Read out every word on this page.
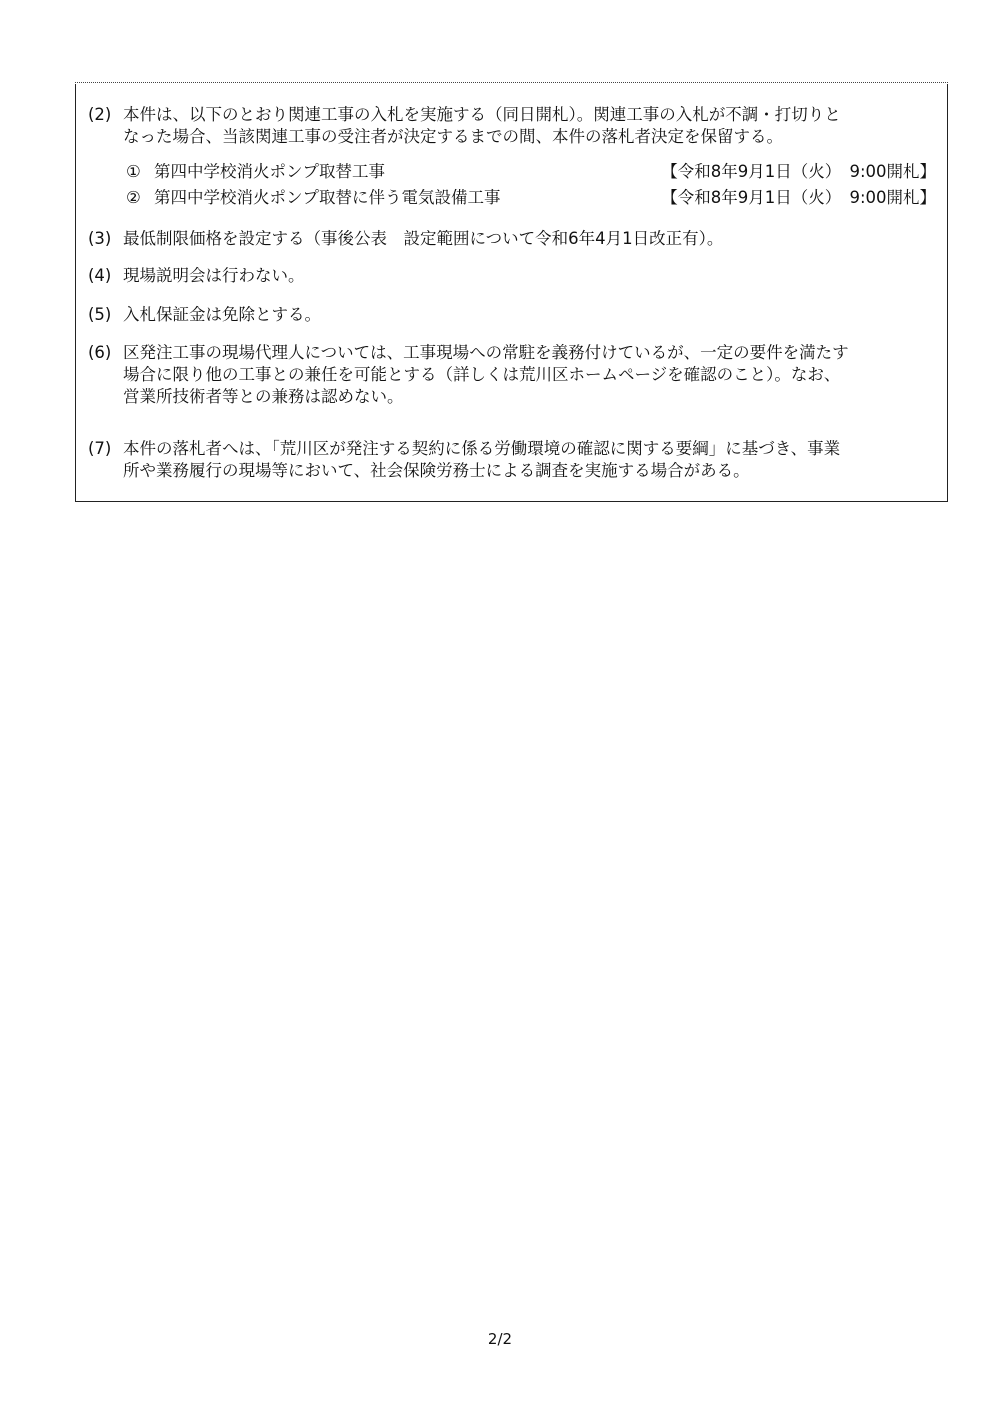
(2) 本件は、以下のとおり関連工事の入札を実施する（同日開札）。関連工事の入札が不調・打切りと
なった場合、当該関連工事の受注者が決定するまでの間、本件の落札者決定を保留する。
① 第四中学校消火ポンプ取替工事	【令和8年9月1日（火）　9:00開札】
② 第四中学校消火ポンプ取替に伴う電気設備工事	【令和8年9月1日（火）　9:00開札】
(3) 最低制限価格を設定する（事後公表　設定範囲について令和6年4月1日改正有）。
(4) 現場説明会は行わない。
(5) 入札保証金は免除とする。
(6) 区発注工事の現場代理人については、工事現場への常駐を義務付けているが、一定の要件を満たす
場合に限り他の工事との兼任を可能とする（詳しくは荒川区ホームページを確認のこと）。なお、
営業所技術者等との兼務は認めない。
(7) 本件の落札者へは、「荒川区が発注する契約に係る労働環境の確認に関する要綱」に基づき、事業
所や業務履行の現場等において、社会保険労務士による調査を実施する場合がある。
2/2
